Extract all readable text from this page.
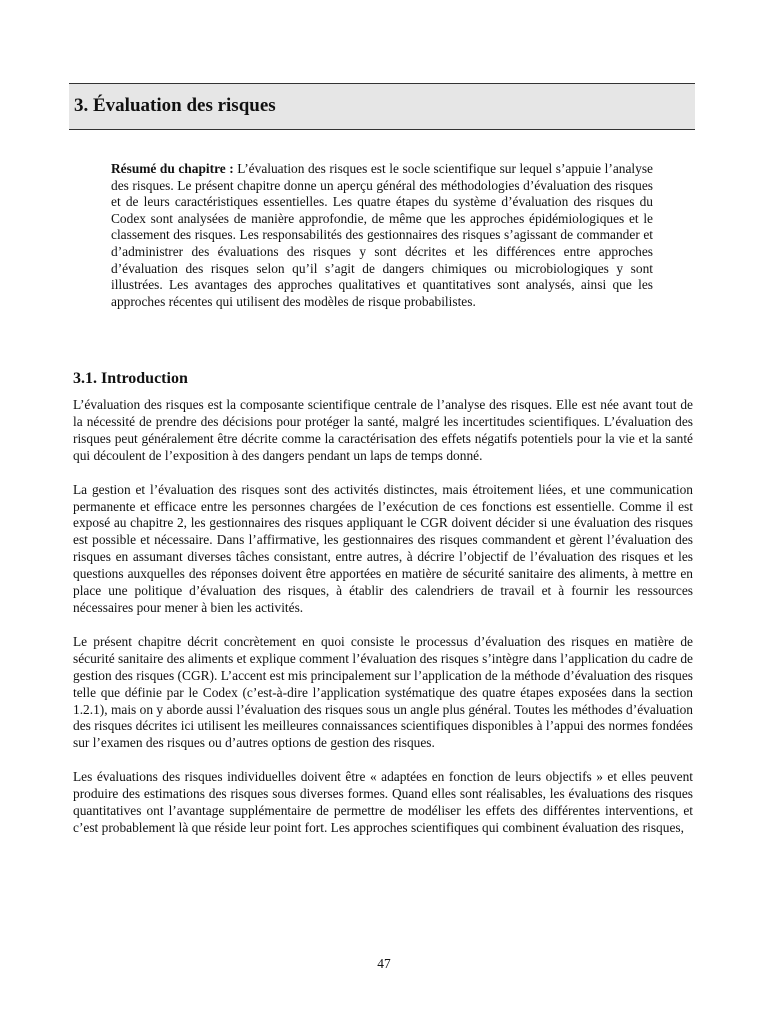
3. Évaluation des risques

Résumé du chapitre : L’évaluation des risques est le socle scientifique sur lequel s’appuie l’analyse des risques. Le présent chapitre donne un aperçu général des méthodologies d’évaluation des risques et de leurs caractéristiques essentielles. Les quatre étapes du système d’évaluation des risques du Codex sont analysées de manière approfondie, de même que les approches épidémiologiques et le classement des risques. Les responsabilités des gestionnaires des risques s’agissant de commander et d’administrer des évaluations des risques y sont décrites et les différences entre approches d’évaluation des risques selon qu’il s’agit de dangers chimiques ou microbiologiques y sont illustrées. Les avantages des approches qualitatives et quantitatives sont analysés, ainsi que les approches récentes qui utilisent des modèles de risque probabilistes.

3.1. Introduction

L’évaluation des risques est la composante scientifique centrale de l’analyse des risques. Elle est née avant tout de la nécessité de prendre des décisions pour protéger la santé, malgré les incertitudes scientifiques. L’évaluation des risques peut généralement être décrite comme la caractérisation des effets négatifs potentiels pour la vie et la santé qui découlent de l’exposition à des dangers pendant un laps de temps donné.

La gestion et l’évaluation des risques sont des activités distinctes, mais étroitement liées, et une communication permanente et efficace entre les personnes chargées de l’exécution de ces fonctions est essentielle. Comme il est exposé au chapitre 2, les gestionnaires des risques appliquant le CGR doivent décider si une évaluation des risques est possible et nécessaire. Dans l’affirmative, les gestionnaires des risques commandent et gèrent l’évaluation des risques en assumant diverses tâches consistant, entre autres, à décrire l’objectif de l’évaluation des risques et les questions auxquelles des réponses doivent être apportées en matière de sécurité sanitaire des aliments, à mettre en place une politique d’évaluation des risques, à établir des calendriers de travail et à fournir les ressources nécessaires pour mener à bien les activités.

Le présent chapitre décrit concrètement en quoi consiste le processus d’évaluation des risques en matière de sécurité sanitaire des aliments et explique comment l’évaluation des risques s’intègre dans l’application du cadre de gestion des risques (CGR). L’accent est mis principalement sur l’application de la méthode d’évaluation des risques telle que définie par le Codex (c’est-à-dire l’application systématique des quatre étapes exposées dans la section 1.2.1), mais on y aborde aussi l’évaluation des risques sous un angle plus général. Toutes les méthodes d’évaluation des risques décrites ici utilisent les meilleures connaissances scientifiques disponibles à l’appui des normes fondées sur l’examen des risques ou d’autres options de gestion des risques.

Les évaluations des risques individuelles doivent être « adaptées en fonction de leurs objectifs » et elles peuvent produire des estimations des risques sous diverses formes. Quand elles sont réalisables, les évaluations des risques quantitatives ont l’avantage supplémentaire de permettre de modéliser les effets des différentes interventions, et c’est probablement là que réside leur point fort. Les approches scientifiques qui combinent évaluation des risques,

47
